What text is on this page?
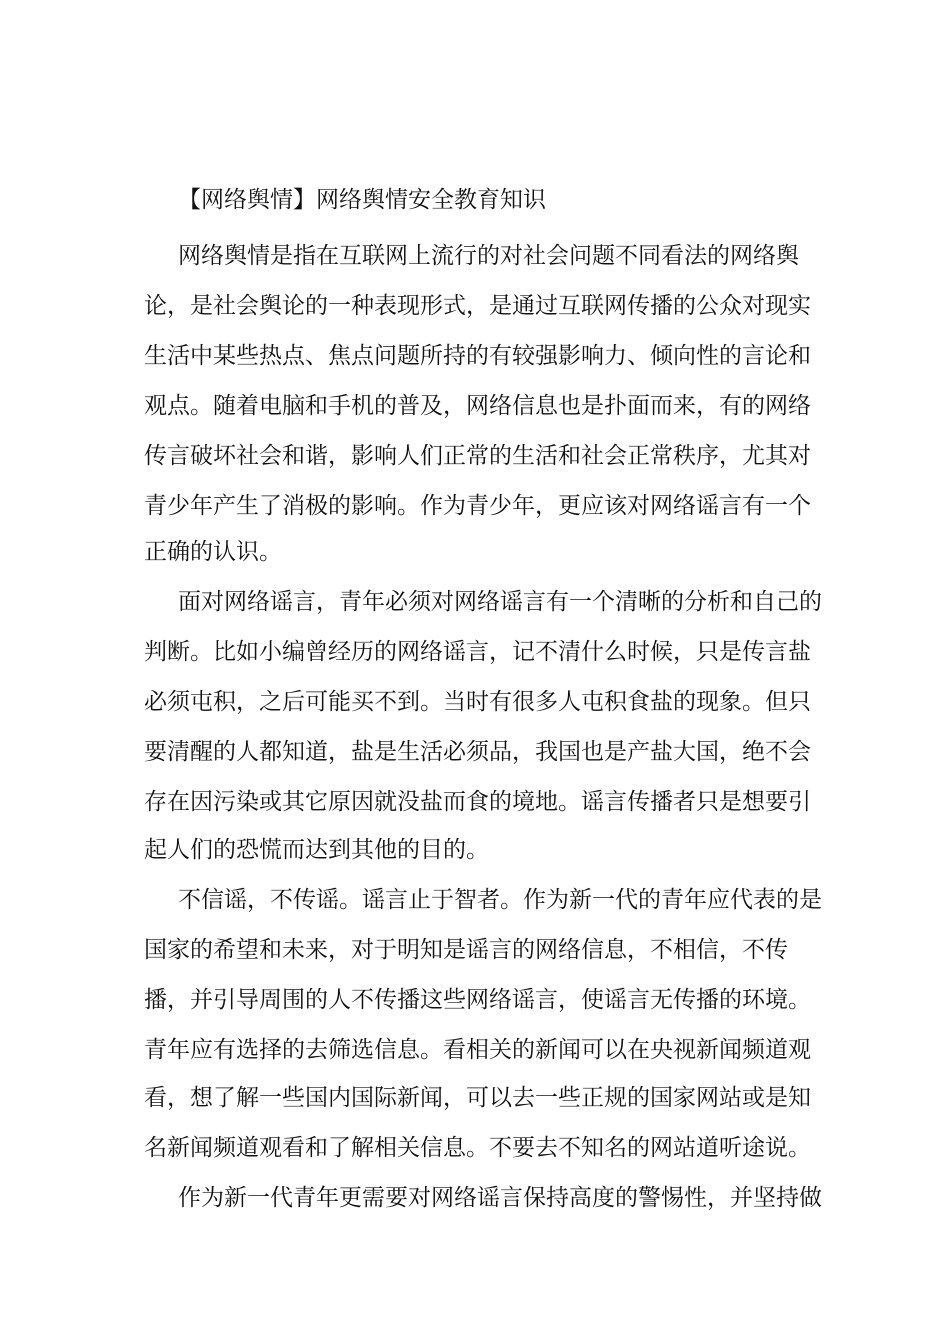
【网络舆情】网络舆情安全教育知识
网络舆情是指在互联网上流行的对社会问题不同看法的网络舆
论，是社会舆论的一种表现形式，是通过互联网传播的公众对现实
生活中某些热点、焦点问题所持的有较强影响力、倾向性的言论和
观点。随着电脑和手机的普及，网络信息也是扑面而来，有的网络
传言破坏社会和谐，影响人们正常的生活和社会正常秩序，尤其对
青少年产生了消极的影响。作为青少年，更应该对网络谣言有一个
正确的认识。
面对网络谣言，青年必须对网络谣言有一个清晰的分析和自己的
判断。比如小编曾经历的网络谣言，记不清什么时候，只是传言盐
必须屯积，之后可能买不到。当时有很多人屯积食盐的现象。但只
要清醒的人都知道，盐是生活必须品，我国也是产盐大国，绝不会
存在因污染或其它原因就没盐而食的境地。谣言传播者只是想要引
起人们的恐慌而达到其他的目的。
不信谣，不传谣。谣言止于智者。作为新一代的青年应代表的是
国家的希望和未来，对于明知是谣言的网络信息，不相信，不传
播，并引导周围的人不传播这些网络谣言，使谣言无传播的环境。
青年应有选择的去筛选信息。看相关的新闻可以在央视新闻频道观
看，想了解一些国内国际新闻，可以去一些正规的国家网站或是知
名新闻频道观看和了解相关信息。不要去不知名的网站道听途说。
作为新一代青年更需要对网络谣言保持高度的警惕性，并坚持做
